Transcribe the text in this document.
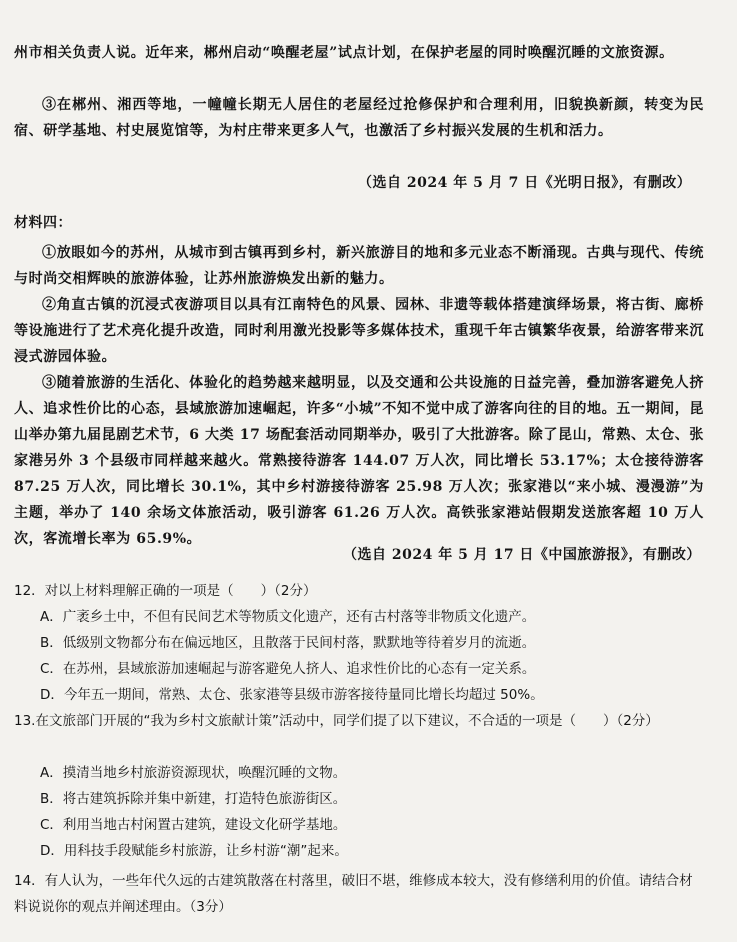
州市相关负责人说。近年来，郴州启动“唤醒老屋”试点计划，在保护老屋的同时唤醒沉睡的文旅资源。

③在郴州、湘西等地，一幢幢长期无人居住的老屋经过抢修保护和合理利用，旧貌换新颜，转变为民宿、研学基地、村史展览馆等，为村庄带来更多人气，也激活了乡村振兴发展的生机和活力。

（选自 2024 年 5 月 7 日《光明日报》，有删改）

材料四：

①放眼如今的苏州，从城市到古镇再到乡村，新兴旅游目的地和多元业态不断涌现。古典与现代、传统与时尚交相辉映的旅游体验，让苏州旅游焕发出新的魅力。

②角直古镇的沉浸式夜游项目以具有江南特色的风景、园林、非遗等载体搭建演绎场景，将古街、廊桥等设施进行了艺术亮化提升改造，同时利用激光投影等多媒体技术，重现千年古镇繁华夜景，给游客带来沉浸式游园体验。

③随着旅游的生活化、体验化的趋势越来越明显，以及交通和公共设施的日益完善，叠加游客避免人挤人、追求性价比的心态，县域旅游加速崛起，许多“小城”不知不觉中成了游客向往的目的地。五一期间，昆山举办第九届昆剧艺术节，6 大类 17 场配套活动同期举办，吸引了大批游客。除了昆山，常熟、太仓、张家港另外 3 个县级市同样越来越火。常熟接待游客 144.07 万人次，同比增长 53.17%；太仓接待游客 87.25 万人次，同比增长 30.1%，其中乡村游接待游客 25.98 万人次；张家港以“来小城、漫漫游”为主题，举办了 140 余场文体旅活动，吸引游客 61.26 万人次。高铁张家港站假期发送旅客超 10 万人次，客流增长率为 65.9%。

（选自 2024 年 5 月 17 日《中国旅游报》，有删改）

12．对以上材料理解正确的一项是（　　）（2分）

A．广袤乡土中，不但有民间艺术等物质文化遗产，还有古村落等非物质文化遗产。

B．低级别文物都分布在偏远地区，且散落于民间村落，默默地等待着岁月的流逝。

C．在苏州，县域旅游加速崛起与游客避免人挤人、追求性价比的心态有一定关系。

D．今年五一期间，常熟、太仓、张家港等县级市游客接待量同比增长均超过 50%。

13.在文旅部门开展的“我为乡村文旅献计策”活动中，同学们提了以下建议，不合适的一项是（　　）（2分）

A．摸清当地乡村旅游资源现状，唤醒沉睡的文物。

B．将古建筑拆除并集中新建，打造特色旅游街区。

C．利用当地古村闲置古建筑，建设文化研学基地。

D．用科技手段赋能乡村旅游，让乡村游“潮”起来。

14．有人认为，一些年代久远的古建筑散落在村落里，破旧不堪，维修成本较大，没有修缮利用的价值。请结合材料说说你的观点并阐述理由。（3分）
